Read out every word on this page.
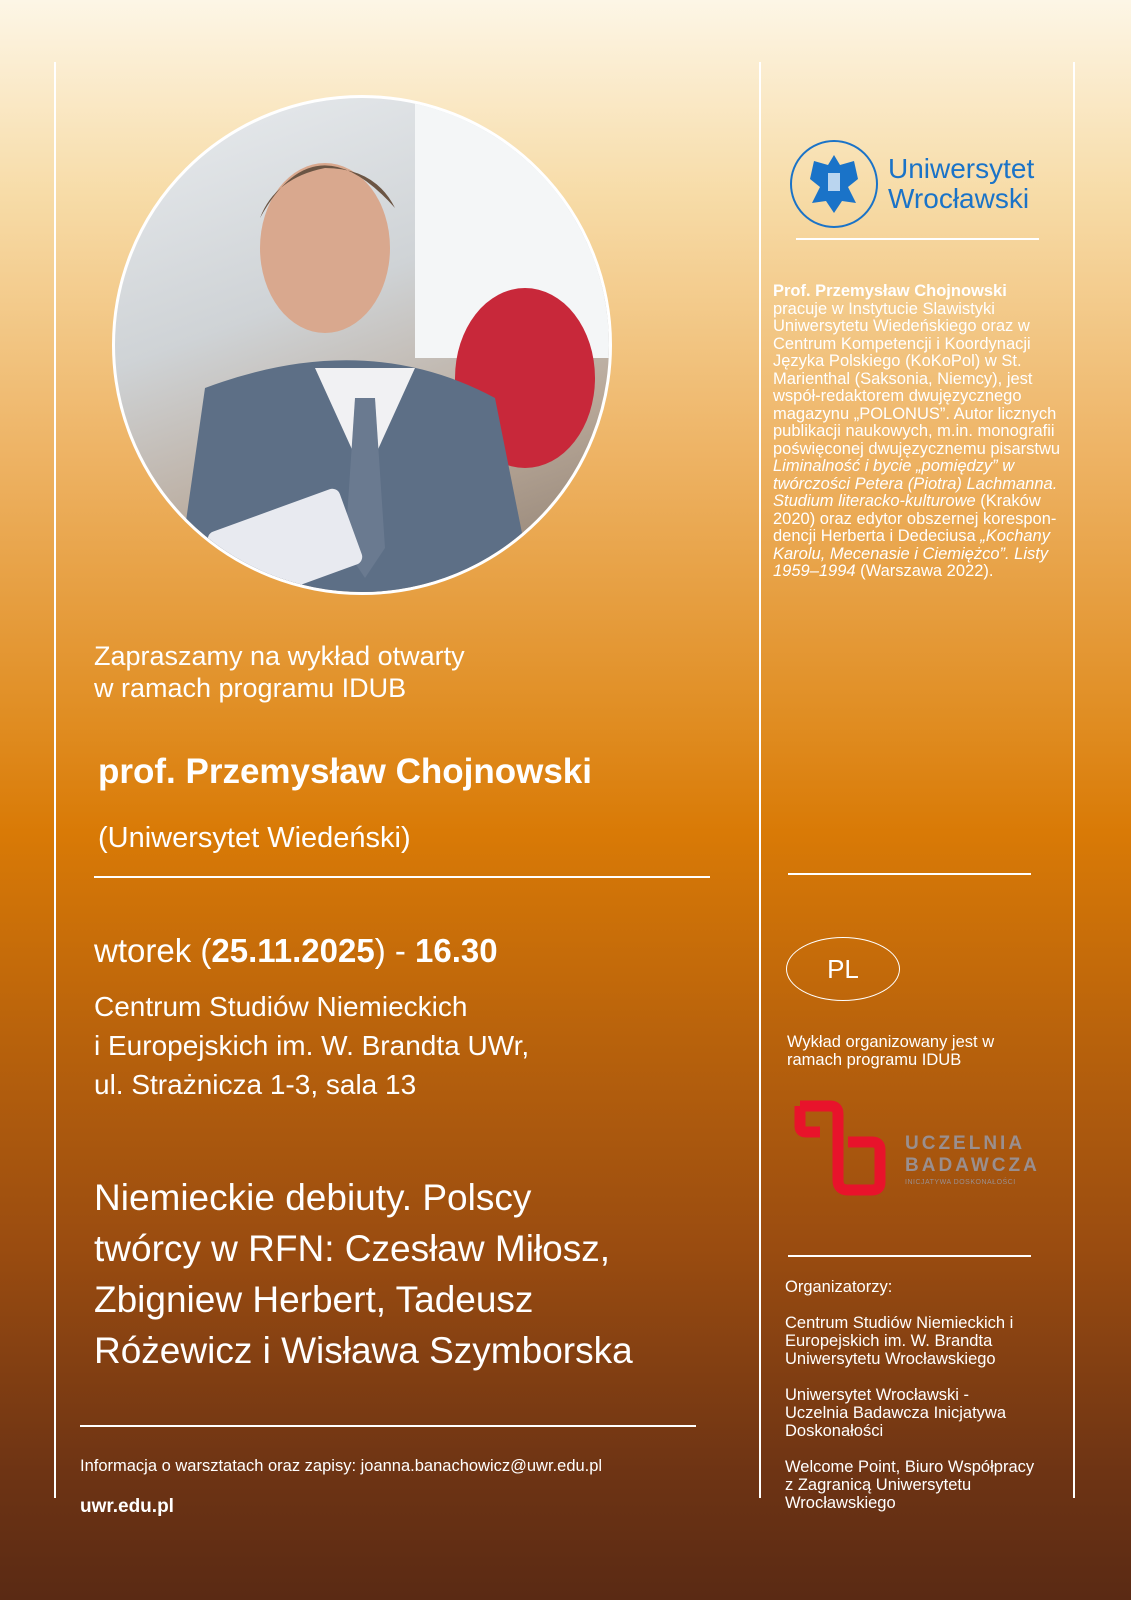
Zapraszamy na wykład otwarty
w ramach programu IDUB
prof. Przemysław Chojnowski
(Uniwersytet Wiedeński)
wtorek (25.11.2025) - 16.30
Centrum Studiów Niemieckich
i Europejskich im. W. Brandta UWr,
ul. Strażnicza 1-3, sala 13
Niemieckie debiuty. Polscy
twórcy w RFN: Czesław Miłosz,
Zbigniew Herbert, Tadeusz
Różewicz i Wisława Szymborska
Informacja o warsztatach oraz zapisy: joanna.banachowicz@uwr.edu.pl
uwr.edu.pl
Uniwersytet
Wrocławski
Prof. Przemysław Chojnowski pracuje w Instytucie Slawistyki Uniwersytetu Wiedeńskiego oraz w Centrum Kompetencji i Koordynacji Języka Polskiego (KoKoPol) w St. Marienthal (Saksonia, Niemcy), jest współ-redaktorem dwujęzycznego magazynu „POLONUS”. Autor licznych publikacji naukowych, m.in. monografii poświęconej dwujęzycznemu pisarstwu Liminalność i bycie „pomiędzy” w twórczości Petera (Piotra) Lachmanna. Studium literacko-kulturowe (Kraków 2020) oraz edytor obszernej korespon-dencji Herberta i Dedeciusa „Kochany Karolu, Mecenasie i Ciemiężco”. Listy 1959–1994 (Warszawa 2022).
PL
Wykład organizowany jest w ramach programu IDUB
UCZELNIA
BADAWCZA
INICJATYWA DOSKONAŁOŚCI
Organizatorzy:
Centrum Studiów Niemieckich i Europejskich im. W. Brandta Uniwersytetu Wrocławskiego
Uniwersytet Wrocławski - Uczelnia Badawcza Inicjatywa Doskonałości
Welcome Point, Biuro Współpracy z Zagranicą Uniwersytetu Wrocławskiego
